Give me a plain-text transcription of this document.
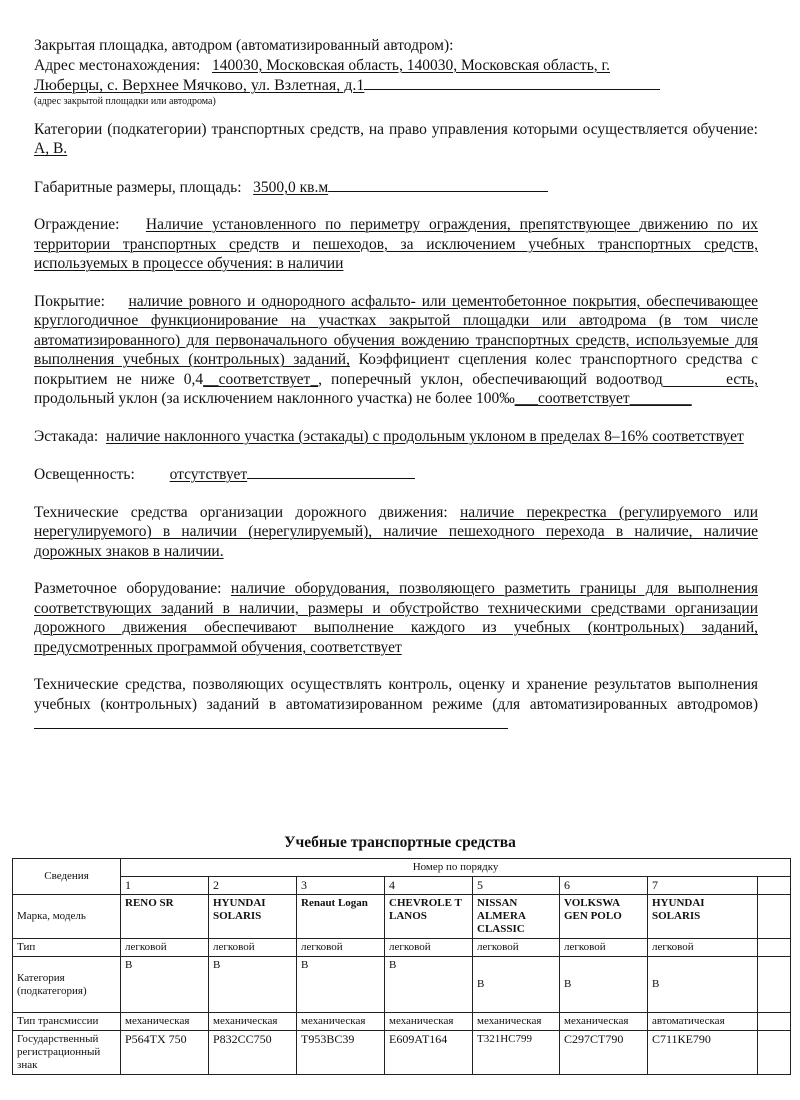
Закрытая площадка, автодром (автоматизированный автодром):

Адрес местонахождения: 140030, Московская область, 140030, Московская область, г.

Люберцы, с. Верхнее Мячково, ул. Взлетная, д.1

(адрес закрытой площадки или автодрома)

Категории (подкатегории) транспортных средств, на право управления которыми осуществляется обучение: А, В.

Габаритные размеры, площадь: 3500,0 кв.м

Ограждение: Наличие установленного по периметру ограждения, препятствующее движению по их территории транспортных средств и пешеходов, за исключением учебных транспортных средств, используемых в процессе обучения: в наличии

Покрытие: наличие ровного и однородного асфальто- или цементобетонное покрытия, обеспечивающее круглогодичное функционирование на участках закрытой площадки или автодрома (в том числе автоматизированного) для первоначального обучения вождению транспортных средств, используемые для выполнения учебных (контрольных) заданий, Коэффициент сцепления колес транспортного средства с покрытием не ниже 0,4__соответствует_, поперечный уклон, обеспечивающий водоотвод	есть, продольный уклон (за исключением наклонного участка) не более 100‰___соответствует________

Эстакада: наличие наклонного участка (эстакады) с продольным уклоном в пределах 8–16% соответствует

Освещенность: отсутствует

Технические средства организации дорожного движения: наличие перекрестка (регулируемого или нерегулируемого) в наличии (нерегулируемый), наличие пешеходного перехода в наличие, наличие дорожных знаков в наличии.

Разметочное оборудование: наличие оборудования, позволяющего разметить границы для выполнения соответствующих заданий в наличии, размеры и обустройство техническими средствами организации дорожного движения обеспечивают выполнение каждого из учебных (контрольных) заданий, предусмотренных программой обучения, соответствует

Технические средства, позволяющих осуществлять контроль, оценку и хранение результатов выполнения учебных (контрольных) заданий в автоматизированном режиме (для автоматизированных автодромов)

Учебные транспортные средства
Сведения	Номер по порядку							
	1	2	3	4	5	6	7	
Марка, модель	RENO SR	HYUNDAI SOLARIS	Renaut Logan	CHEVROLE T LANOS	NISSAN ALMERA CLASSIC	VOLKSWA GEN POLO	HYUNDAI SOLARIS	
Тип	легковой	легковой	легковой	легковой	легковой	легковой	легковой	
Категория (подкатегория)	В	В	В	В	В	В	В	
Тип трансмиссии	механическая	механическая	механическая	механическая	механическая	механическая	автоматическая	
Государственный регистрационный знак	Р564ТХ 750	Р832СС750	Т953ВС39	Е609АТ164	Т321НС799	С297СТ790	С711КЕ790	
